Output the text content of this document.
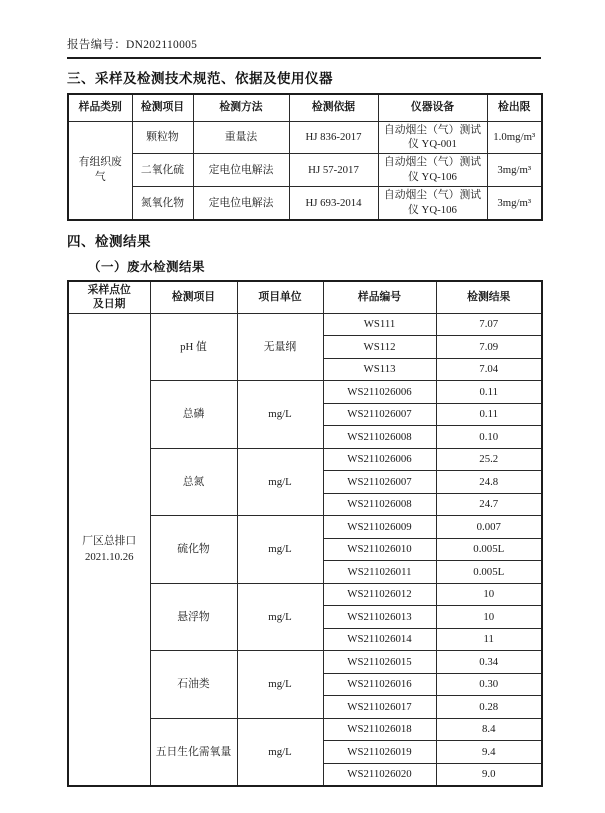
报告编号：DN202110005
三、采样及检测技术规范、依据及使用仪器
样品类别	检测项目	检测方法	检测依据	仪器设备	检出限
有组织废气	颗粒物	重量法	HJ 836-2017	自动烟尘（气）测试仪 YQ-001	1.0mg/m³
	二氧化硫	定电位电解法	HJ 57-2017	自动烟尘（气）测试仪 YQ-106	3mg/m³
	氮氧化物	定电位电解法	HJ 693-2014	自动烟尘（气）测试仪 YQ-106	3mg/m³
四、检测结果
（一）废水检测结果
采样点位
及日期	检测项目	项目单位	样品编号	检测结果

厂区总排口
2021.10.26	pH 值	无量纲	WS111	7.07
			WS112	7.09
			WS113	7.04
	总磷	mg/L	WS211026006	0.11
			WS211026007	0.11
			WS211026008	0.10
	总氮	mg/L	WS211026006	25.2
			WS211026007	24.8
			WS211026008	24.7
	硫化物	mg/L	WS211026009	0.007
			WS211026010	0.005L
			WS211026011	0.005L
	悬浮物	mg/L	WS211026012	10
			WS211026013	10
			WS211026014	11
	石油类	mg/L	WS211026015	0.34
			WS211026016	0.30
			WS211026017	0.28
	五日生化需氧量	mg/L	WS211026018	8.4
			WS211026019	9.4
			WS211026020	9.0
